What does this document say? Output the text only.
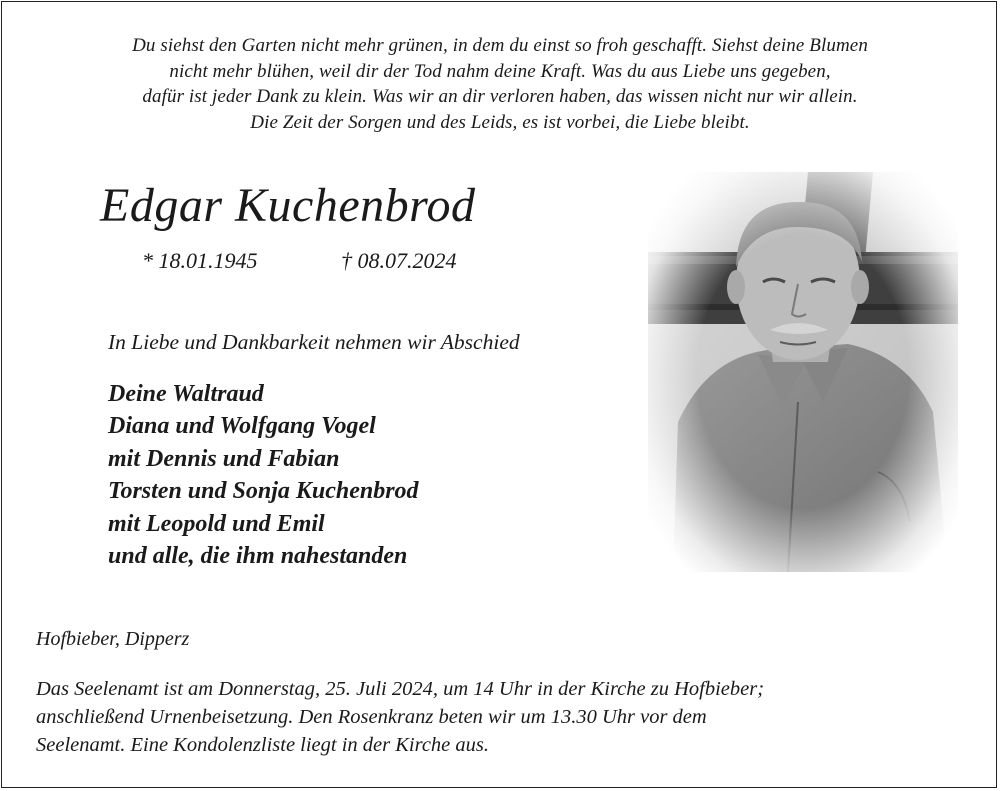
Du siehst den Garten nicht mehr grünen, in dem du einst so froh geschafft. Siehst deine Blumen
nicht mehr blühen, weil dir der Tod nahm deine Kraft. Was du aus Liebe uns gegeben,
dafür ist jeder Dank zu klein. Was wir an dir verloren haben, das wissen nicht nur wir allein.
Die Zeit der Sorgen und des Leids, es ist vorbei, die Liebe bleibt.
Edgar Kuchenbrod
* 18.01.1945	† 08.07.2024
In Liebe und Dankbarkeit nehmen wir Abschied
Deine Waltraud
Diana und Wolfgang Vogel
mit Dennis und Fabian
Torsten und Sonja Kuchenbrod
mit Leopold und Emil
und alle, die ihm nahestanden
Hofbieber, Dipperz
Das Seelenamt ist am Donnerstag, 25. Juli 2024, um 14 Uhr in der Kirche zu Hofbieber;
anschließend Urnenbeisetzung. Den Rosenkranz beten wir um 13.30 Uhr vor dem
Seelenamt. Eine Kondolenzliste liegt in der Kirche aus.
